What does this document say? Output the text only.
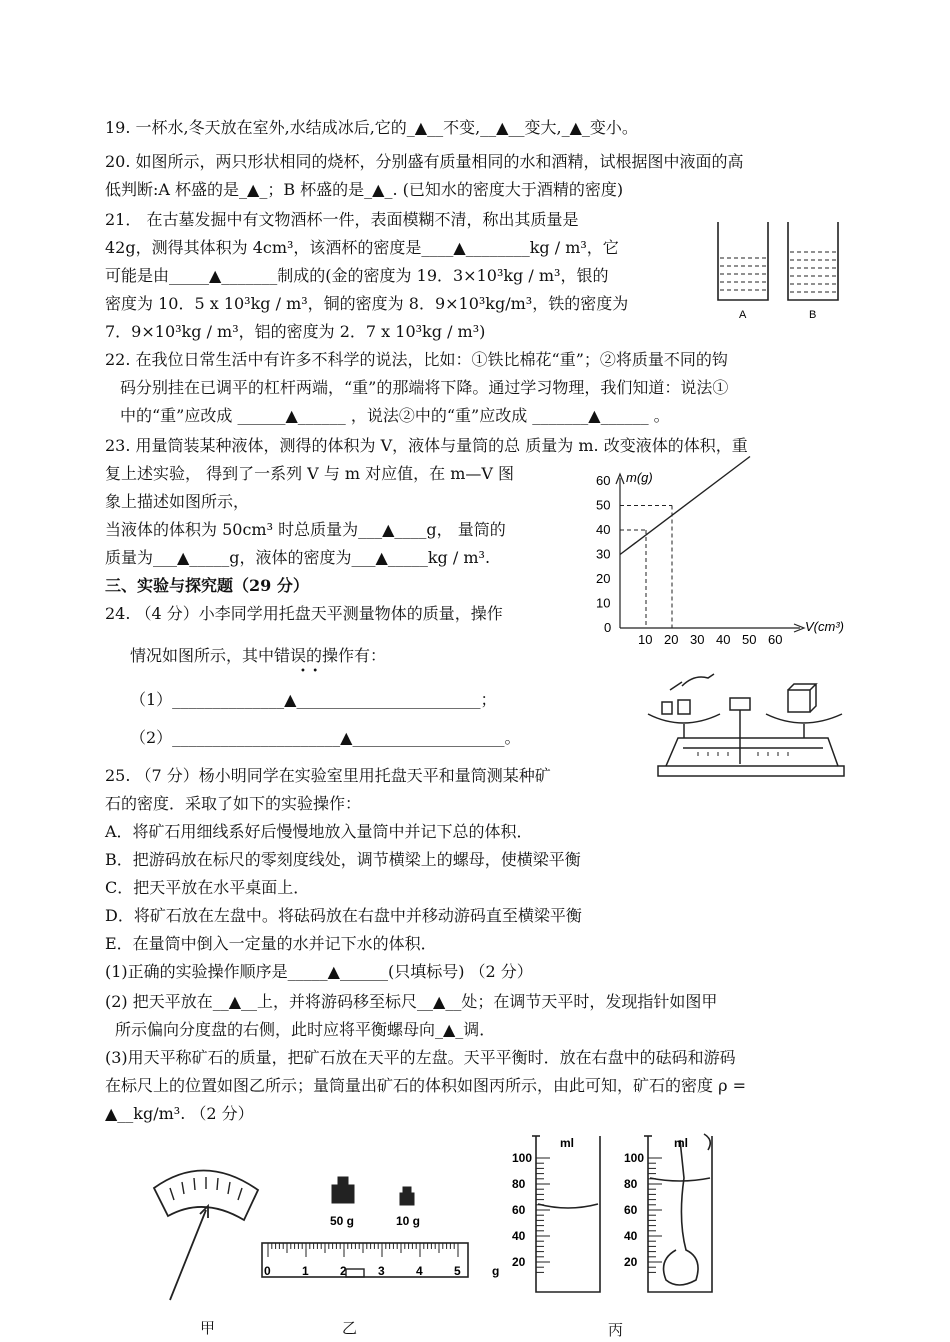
19. 一杯水,冬天放在室外,水结成冰后,它的_▲__不变,__▲__变大,_▲_变小。
20. 如图所示，两只形状相同的烧杯，分别盛有质量相同的水和酒精，试根据图中液面的高
低判断:A 杯盛的是_▲_；B 杯盛的是_▲_. (已知水的密度大于酒精的密度)
21． 在古墓发掘中有文物酒杯一件，表面模糊不清，称出其质量是
42g，测得其体积为 4cm³，该酒杯的密度是____▲________kg / m³，它
可能是由_____▲_______制成的(金的密度为 19．3×10³kg / m³，银的
密度为 10．5 x 10³kg / m³，铜的密度为 8．9×10³kg/m³，铁的密度为
7．9×10³kg / m³，铝的密度为 2．7 x 10³kg / m³)
22. 在我位日常生活中有许多不科学的说法，比如：①铁比棉花“重”；②将质量不同的钩
码分别挂在已调平的杠杆两端，“重”的那端将下降。通过学习物理，我们知道：说法①
中的“重”应改成 ______▲______ ，说法②中的“重”应改成 _______▲______ 。
23. 用量筒装某种液体，测得的体积为 V，液体与量筒的总 质量为 m. 改变液体的体积，重
复上述实验， 得到了一系列 V 与 m 对应值，在 m—V 图
象上描述如图所示，
当液体的体积为 50cm³ 时总质量为___▲____g， 量筒的
质量为___▲_____g，液体的密度为___▲_____kg / m³.
三、实验与探究题（29 分）
24. （4 分）小李同学用托盘天平测量物体的质量，操作
情况如图所示，其中错误的操作有：
•  •
（1）______________▲_______________________；
（2）_____________________▲___________________。
25. （7 分）杨小明同学在实验室里用托盘天平和量筒测某种矿
石的密度．采取了如下的实验操作：
A．将矿石用细线系好后慢慢地放入量筒中并记下总的体积．
B．把游码放在标尺的零刻度线处，调节横梁上的螺母，使横梁平衡
C．把天平放在水平桌面上．
D．将矿石放在左盘中。将砝码放在右盘中并移动游码直至横梁平衡
E．在量筒中倒入一定量的水并记下水的体积．
(1)正确的实验操作顺序是_____▲______(只填标号) （2 分）
(2) 把天平放在__▲__上，并将游码移至标尺__▲__处；在调节天平时，发现指针如图甲
所示偏向分度盘的右侧，此时应将平衡螺母向_▲_调．
(3)用天平称矿石的质量，把矿石放在天平的左盘。天平平衡时．放在右盘中的砝码和游码
在标尺上的位置如图乙所示；量筒量出矿石的体积如图丙所示，由此可知，矿石的密度 ρ =
▲__kg/m³. （2 分）
A	B
m(g)
V(cm³)
0
60
50
40
30
20
10
10 20 30 40 50 60
50 g	10 g
0	1	2	3	4	5	g
ml	ml
100
80
60
40
20
100
80
60
40
20
甲	乙	丙
